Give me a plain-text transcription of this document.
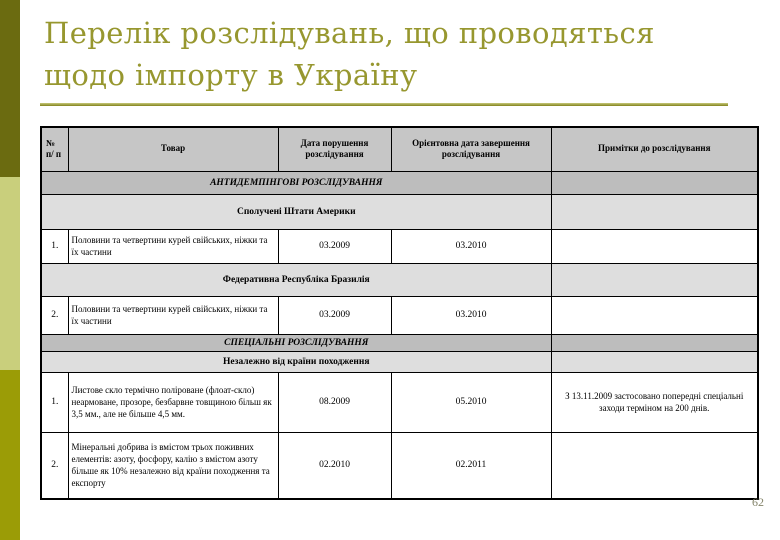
Перелік розслідувань, що проводяться
щодо імпорту в Україну
№ п/ п	Товар	Дата порушення розслідування	Орієнтовна дата завершення розслідування	Примітки до розслідування
АНТИДЕМПІНГОВІ РОЗСЛІДУВАННЯ				
Сполучені Штати Америки				
1.	Половини та четвертини курей свійських, ніжки та їх частини	03.2009	03.2010	
Федеративна Республіка Бразилія				
2.	Половини та четвертини курей свійських, ніжки та їх частини	03.2009	03.2010	
СПЕЦІАЛЬНІ РОЗСЛІДУВАННЯ				
Незалежно від країни походження				
1.	Листове скло термічно поліроване (флоат-скло) неармоване, прозоре, безбарвне товщиною більш як 3,5 мм., але не більше 4,5 мм.	08.2009	05.2010	З 13.11.2009 застосовано попередні спеціальні заходи терміном на 200 днів.
2.	Мінеральні добрива із вмістом трьох поживних елементів: азоту, фосфору, калію з вмістом азоту більше як 10% незалежно від країни походження та експорту	02.2010	02.2011	
62
